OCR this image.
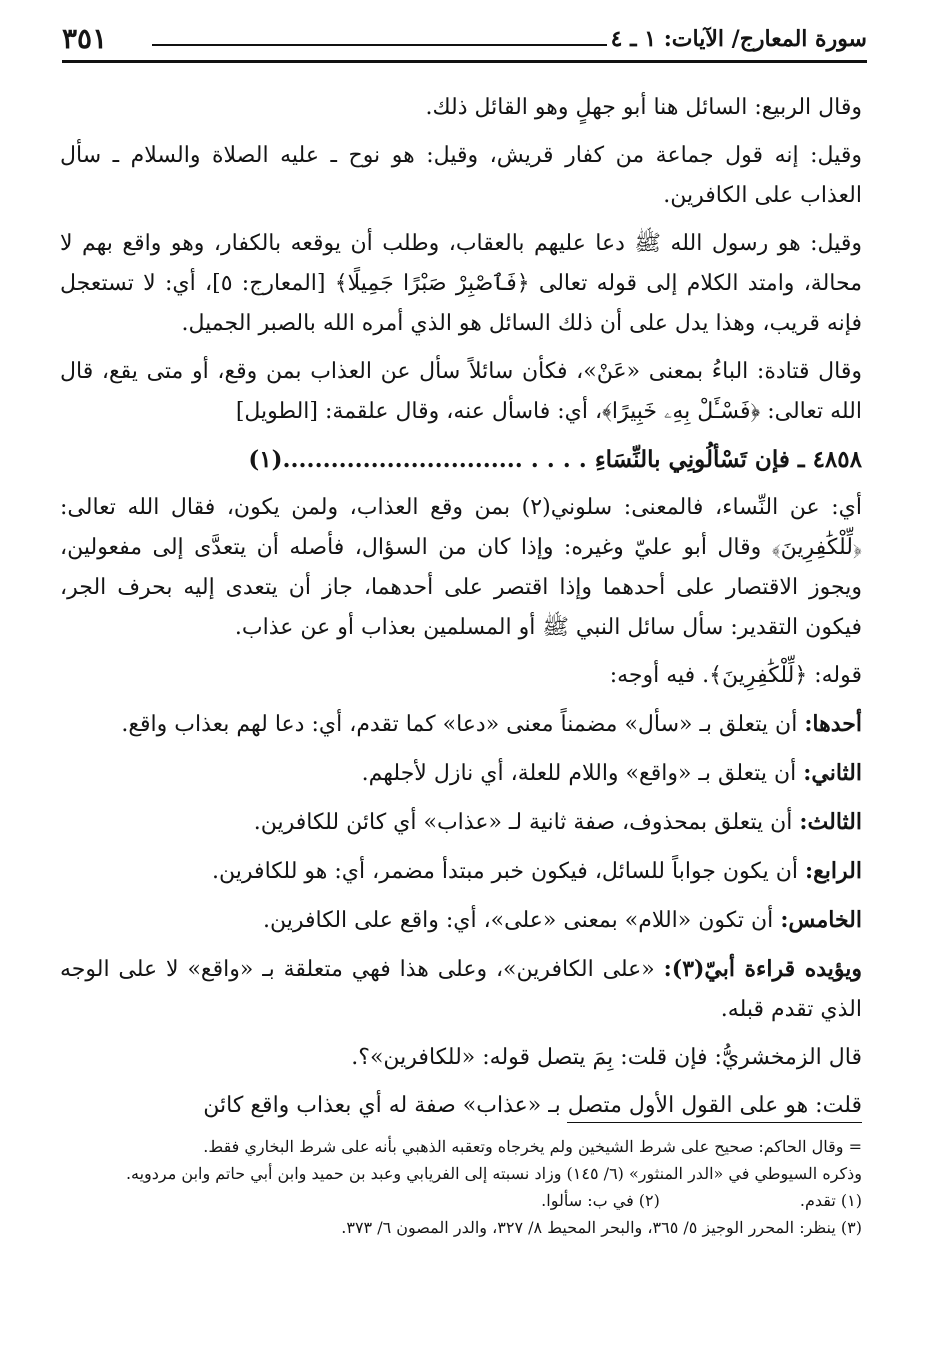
سورة المعارج/ الآيات: ١ ـ ٤
٣٥١

وقال الربيع: السائل هنا أبو جهلٍ وهو القائل ذلك.

وقيل: إنه قول جماعة من كفار قريش، وقيل: هو نوح ـ عليه الصلاة والسلام ـ سأل العذاب على الكافرين.

وقيل: هو رسول الله ﷺ دعا عليهم بالعقاب، وطلب أن يوقعه بالكفار، وهو واقع بهم لا محالة، وامتد الكلام إلى قوله تعالى ﴿فَٱصْبِرْ صَبْرًا جَمِيلًا﴾ [المعارج: ٥]، أي: لا تستعجل فإنه قريب، وهذا يدل على أن ذلك السائل هو الذي أمره الله بالصبر الجميل.

وقال قتادة: الباءُ بمعنى «عَنْ»، فكأن سائلاً سأل عن العذاب بمن وقع، أو متى يقع، قال الله تعالى: ﴿فَسْـَٔلْ بِهِۦ خَبِيرًا﴾، أي: فاسأل عنه، وقال علقمة: [الطويل]

٤٨٥٨ ـ فإن تَسْألُونِي بالنِّسَاءِ . . . . ..............................(١)

أي: عن النِّساء، فالمعنى: سلوني(٢) بمن وقع العذاب، ولمن يكون، فقال الله تعالى: ﴿لِّلْكَٰفِرِينَ﴾ وقال أبو عليّ وغيره: وإذا كان من السؤال، فأصله أن يتعدَّى إلى مفعولين، ويجوز الاقتصار على أحدهما وإذا اقتصر على أحدهما، جاز أن يتعدى إليه بحرف الجر، فيكون التقدير: سأل سائل النبي ﷺ أو المسلمين بعذاب أو عن عذاب.

قوله: ﴿لِّلْكَٰفِرِينَ﴾. فيه أوجه:

أحدها: أن يتعلق بـ «سأل» مضمناً معنى «دعا» كما تقدم، أي: دعا لهم بعذاب واقع.

الثاني: أن يتعلق بـ «واقع» واللام للعلة، أي نازل لأجلهم.

الثالث: أن يتعلق بمحذوف، صفة ثانية لـ «عذاب» أي كائن للكافرين.

الرابع: أن يكون جواباً للسائل، فيكون خبر مبتدأ مضمر، أي: هو للكافرين.

الخامس: أن تكون «اللام» بمعنى «على»، أي: واقع على الكافرين.

ويؤيده قراءة أبيّ(٣): «على الكافرين»، وعلى هذا فهي متعلقة بـ «واقع» لا على الوجه الذي تقدم قبله.

قال الزمخشريُّ: فإن قلت: بِمَ يتصل قوله: «للكافرين»؟.

قلت: هو على القول الأول متصل بـ «عذاب» صفة له أي بعذاب واقع كائن

= وقال الحاكم: صحيح على شرط الشيخين ولم يخرجاه وتعقبه الذهبي بأنه على شرط البخاري فقط.

وذكره السيوطي في «الدر المنثور» (٦/ ١٤٥) وزاد نسبته إلى الفريابي وعبد بن حميد وابن أبي حاتم وابن مردويه.

(١) تقدم.
(٢) في ب: سألوا.

(٣) ينظر: المحرر الوجيز ٥/ ٣٦٥، والبحر المحيط ٨/ ٣٢٧، والدر المصون ٦/ ٣٧٣.
